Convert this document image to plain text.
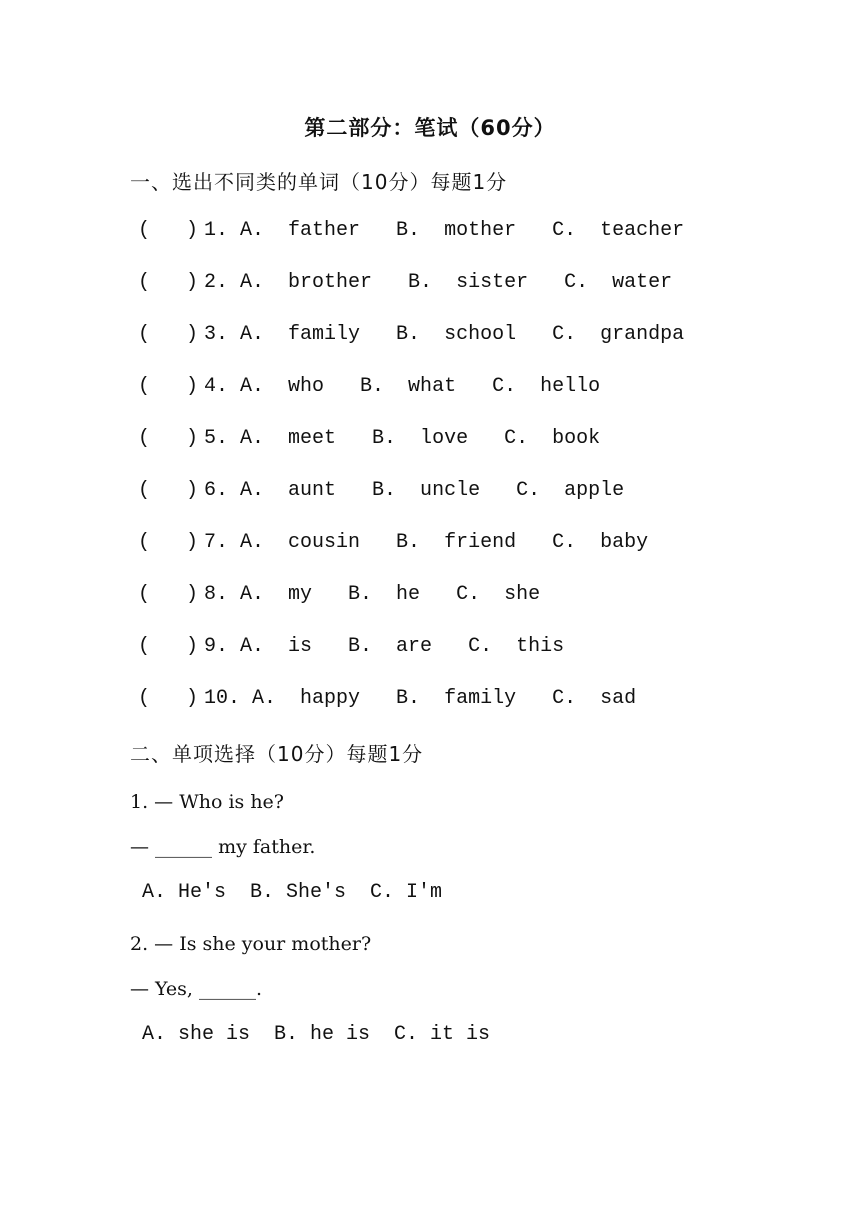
第二部分：笔试（60分）
一、选出不同类的单词（10分）每题1分
( ) 1. A.  father   B.  mother   C.  teacher
( ) 2. A.  brother   B.  sister   C.  water
( ) 3. A.  family   B.  school   C.  grandpa
( ) 4. A.  who   B.  what   C.  hello
( ) 5. A.  meet   B.  love   C.  book
( ) 6. A.  aunt   B.  uncle   C.  apple
( ) 7. A.  cousin   B.  friend   C.  baby
( ) 8. A.  my   B.  he   C.  she
( ) 9. A.  is   B.  are   C.  this
( ) 10. A.  happy   B.  family   C.  sad
二、单项选择（10分）每题1分
1. — Who is he?
— ______ my father.
A. He's  B. She's  C. I'm
2. — Is she your mother?
— Yes, ______.
A. she is  B. he is  C. it is
